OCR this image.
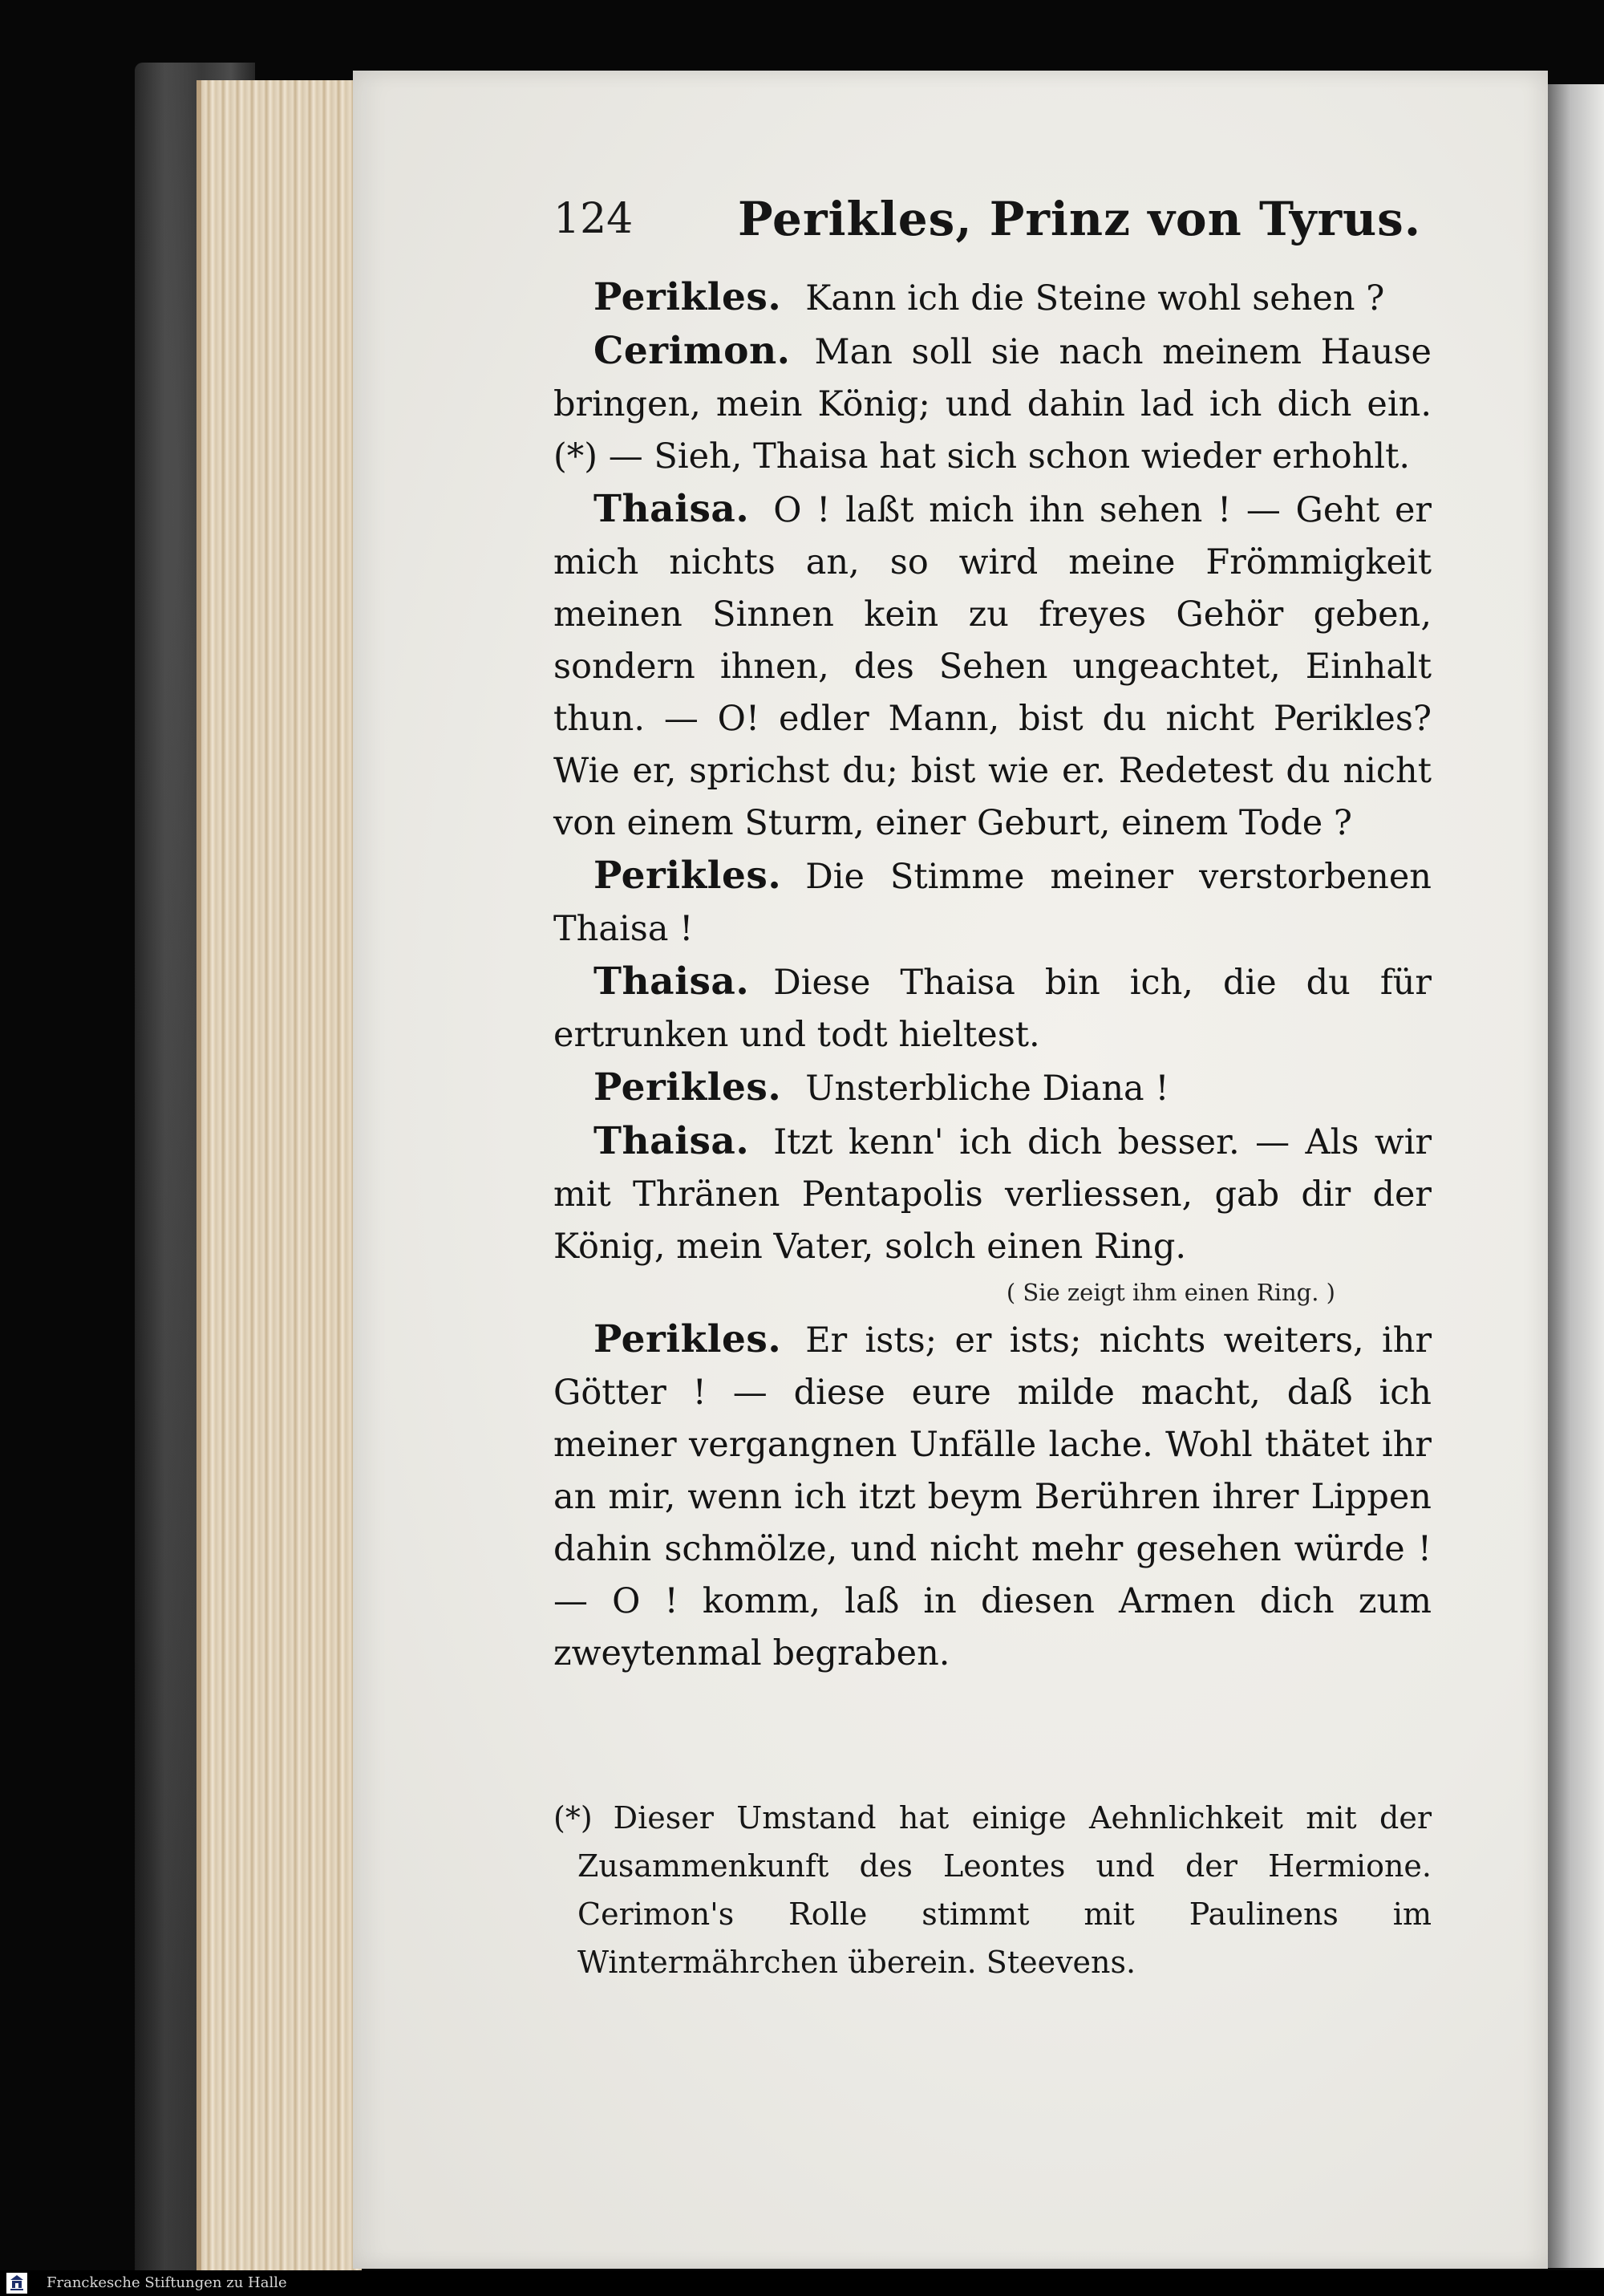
124 Perikles, Prinz von Tyrus.

Perikles. Kann ich die Steine wohl sehen ?

Cerimon. Man soll sie nach meinem Hause bringen, mein König; und dahin lad ich dich ein. (*) — Sieh, Thaisa hat sich schon wieder erhohlt.

Thaisa. O ! laßt mich ihn sehen ! — Geht er mich nichts an, so wird meine Frömmigkeit meinen Sinnen kein zu freyes Gehör geben, sondern ihnen, des Sehen ungeachtet, Einhalt thun. — O! edler Mann, bist du nicht Perikles? Wie er, sprichst du; bist wie er. Redetest du nicht von einem Sturm, einer Geburt, einem Tode ?

Perikles. Die Stimme meiner verstorbenen Thaisa !

Thaisa. Diese Thaisa bin ich, die du für ertrunken und todt hieltest.

Perikles. Unsterbliche Diana !

Thaisa. Itzt kenn' ich dich besser. — Als wir mit Thränen Pentapolis verliessen, gab dir der König, mein Vater, solch einen Ring.

( Sie zeigt ihm einen Ring. )

Perikles. Er ists; er ists; nichts weiters, ihr Götter ! — diese eure milde macht, daß ich meiner vergangnen Unfälle lache. Wohl thätet ihr an mir, wenn ich itzt beym Berühren ihrer Lippen dahin schmölze, und nicht mehr gesehen würde ! — O ! komm, laß in diesen Armen dich zum zweytenmal begraben.

(*) Dieser Umstand hat einige Aehnlichkeit mit der Zusammenkunft des Leontes und der Hermione. Cerimon's Rolle stimmt mit Paulinens im Wintermährchen überein. Steevens.
Franckesche Stiftungen zu Halle
